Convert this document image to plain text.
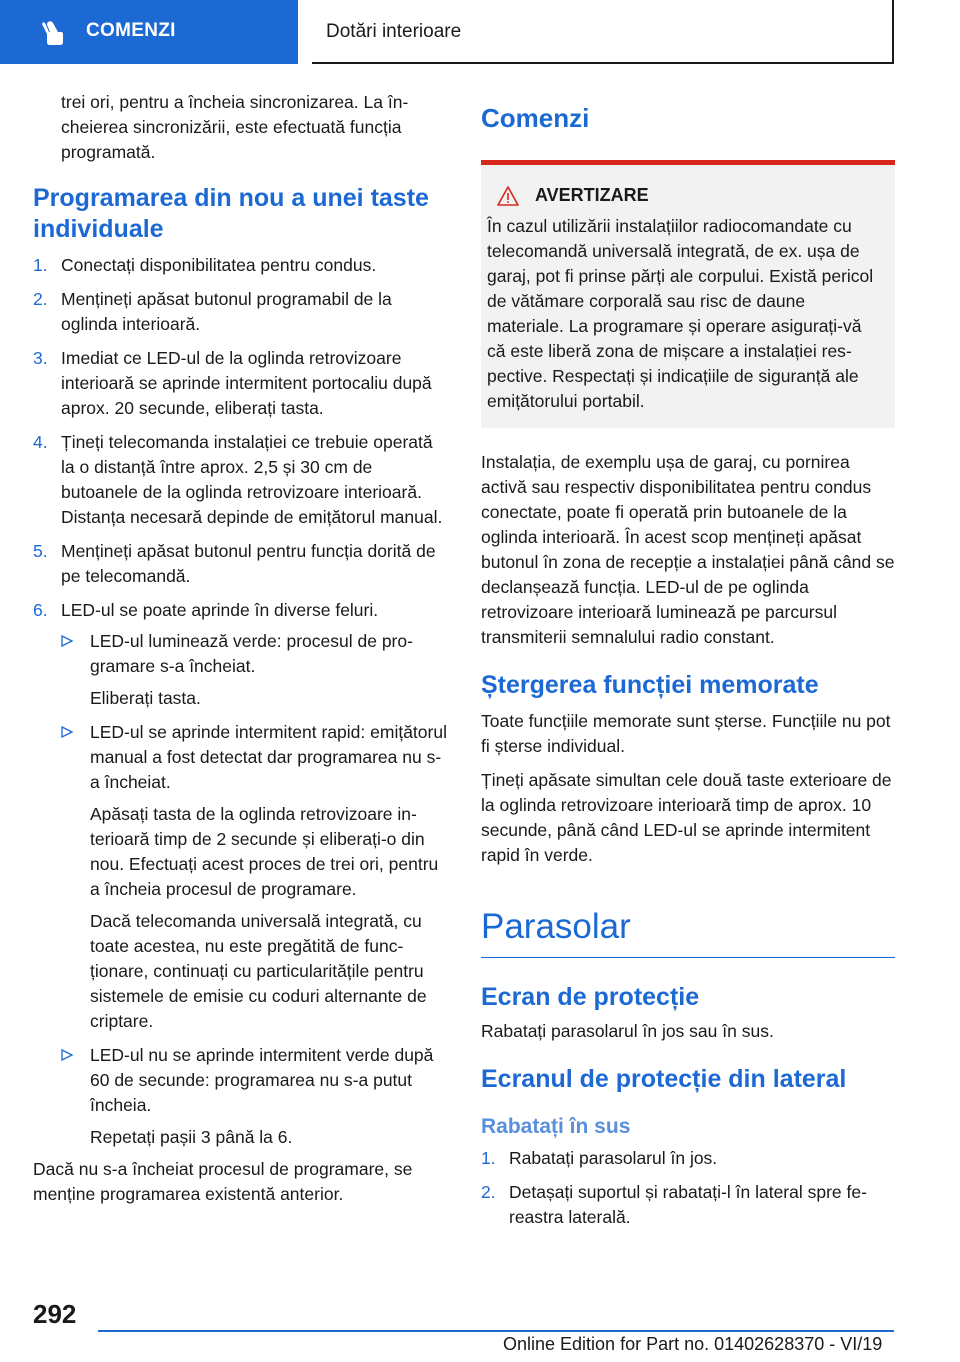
COMENZI	Dotări interioare

trei ori, pentru a încheia sincronizarea. La încheierea sincronizării, este efectuată funcția programată.

Programarea din nou a unei taste individuale
1. Conectați disponibilitatea pentru condus.
2. Mențineți apăsat butonul programabil de la oglinda interioară.
3. Imediat ce LED-ul de la oglinda retrovizoare interioară se aprinde intermitent portocaliu după aprox. 20 secunde, eliberați tasta.
4. Țineți telecomanda instalației ce trebuie operată la o distanță între aprox. 2,5 și 30 cm de butoanele de la oglinda retrovizoare interioară. Distanța necesară depinde de emițătorul manual.
5. Mențineți apăsat butonul pentru funcția dorită de pe telecomandă.
6. LED-ul se poate aprinde în diverse feluri.
LED-ul luminează verde: procesul de programare s-a încheiat.
Eliberați tasta.
LED-ul se aprinde intermitent rapid: emițătorul manual a fost detectat dar programarea nu s-a încheiat.
Apăsați tasta de la oglinda retrovizoare interioară timp de 2 secunde și eliberați-o din nou. Efectuați acest proces de trei ori, pentru a încheia procesul de programare.
Dacă telecomanda universală integrată, cu toate acestea, nu este pregătită de funcționare, continuați cu particularitățile pentru sistemele de emisie cu coduri alternante de criptare.
LED-ul nu se aprinde intermitent verde după 60 de secunde: programarea nu s-a putut încheia.
Repetați pașii 3 până la 6.

Dacă nu s-a încheiat procesul de programare, se menține programarea existentă anterior.

Comenzi
AVERTIZARE
În cazul utilizării instalațiilor radiocomandate cu telecomandă universală integrată, de ex. ușa de garaj, pot fi prinse părți ale corpului. Există pericol de vătămare corporală sau risc de daune materiale. La programare și operare asigurați-vă că este liberă zona de mișcare a instalației respective. Respectați și indicațiile de siguranță ale emițătorului portabil.

Instalația, de exemplu ușa de garaj, cu pornirea activă sau respectiv disponibilitatea pentru condus conectate, poate fi operată prin butoanele de la oglinda interioară. În acest scop mențineți apăsat butonul în zona de recepție a instalației până când se declanșează funcția. LED-ul de pe oglinda retrovizoare interioară luminează pe parcursul transmiterii semnalului radio constant.

Ștergerea funcției memorate

Toate funcțiile memorate sunt șterse. Funcțiile nu pot fi șterse individual.

Țineți apăsate simultan cele două taste exterioare de la oglinda retrovizoare interioară timp de aprox. 10 secunde, până când LED-ul se aprinde intermitent rapid în verde.

Parasolar
Ecran de protecție

Rabatați parasolarul în jos sau în sus.

Ecranul de protecție din lateral
Rabatați în sus
1. Rabatați parasolarul în jos.
2. Detașați suportul și rabatați-l în lateral spre fereastra laterală.
292
Online Edition for Part no. 01402628370 - VI/19
